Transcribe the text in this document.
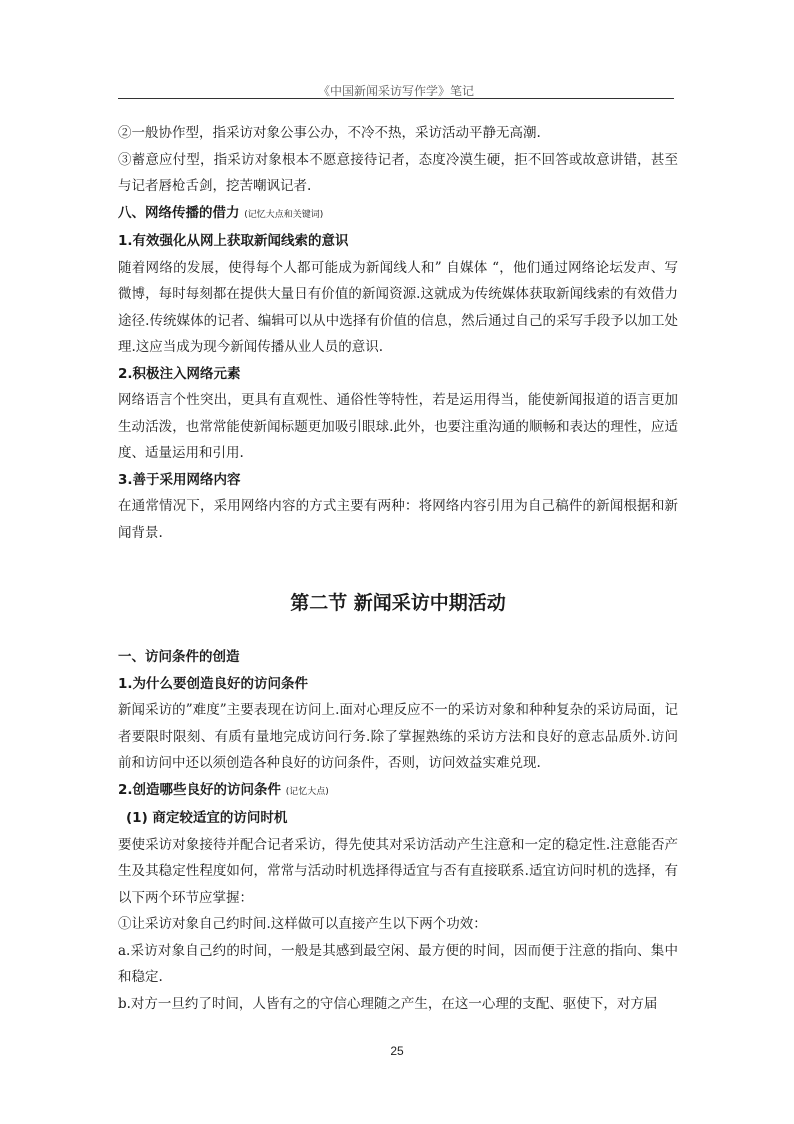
《中国新闻采访写作学》笔记

②一般协作型，指采访对象公事公办，不冷不热，采访活动平静无高潮.

③蓄意应付型，指采访对象根本不愿意接待记者，态度冷漠生硬，拒不回答或故意讲错，甚至与记者唇枪舌剑，挖苦嘲讽记者.

八、网络传播的借力 (记忆大点和关键词)

1.有效强化从网上获取新闻线索的意识

随着网络的发展，使得每个人都可能成为新闻线人和” 自媒体 “，他们通过网络论坛发声、写微博，每时每刻都在提供大量日有价值的新闻资源.这就成为传统媒体获取新闻线索的有效借力途径.传统媒体的记者、编辑可以从中选择有价值的信息，然后通过自己的采写手段予以加工处理.这应当成为现今新闻传播从业人员的意识.

2.积极注入网络元素

网络语言个性突出，更具有直观性、通俗性等特性，若是运用得当，能使新闻报道的语言更加生动活泼，也常常能使新闻标题更加吸引眼球.此外，也要注重沟通的顺畅和表达的理性，应适度、适量运用和引用.

3.善于采用网络内容

在通常情况下，采用网络内容的方式主要有两种：将网络内容引用为自己稿件的新闻根据和新闻背景.

第二节 新闻采访中期活动

一、访问条件的创造

1.为什么要创造良好的访问条件

新闻采访的”难度”主要表现在访问上.面对心理反应不一的采访对象和种种复杂的采访局面，记者要限时限刻、有质有量地完成访问行务.除了掌握熟练的采访方法和良好的意志品质外.访问前和访问中还以须创造各种良好的访问条件，否则，访问效益实难兑现.

2.创造哪些良好的访问条件 (记忆大点)

(1) 商定较适宜的访问时机

要使采访对象接待并配合记者采访，得先使其对采访活动产生注意和一定的稳定性.注意能否产生及其稳定性程度如何，常常与活动时机选择得适宜与否有直接联系.适宜访问时机的选择，有以下两个环节应掌握：

①让采访对象自己约时间.这样做可以直接产生以下两个功效：

a.采访对象自己约的时间，一般是其感到最空闲、最方便的时间，因而便于注意的指向、集中和稳定.

b.对方一旦约了时间，人皆有之的守信心理随之产生，在这一心理的支配、驱使下，对方届

25
